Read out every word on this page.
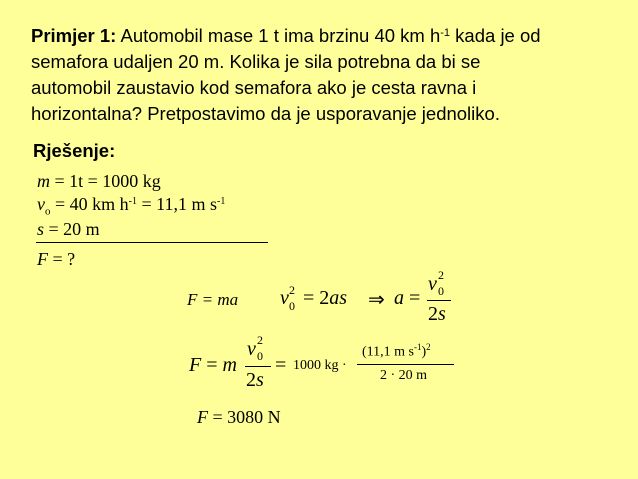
Primjer 1: Automobil mase 1 t ima brzinu 40 km $h^{-1}$ kada je od
semafora udaljen 20 m. Kolika je sila potrebna da bi se
automobil zaustavio kod semafora ako je cesta ravna i
horizontalna? Pretpostavimo da je usporavanje jednoliko.
Rješenje:
m = 1t = 1000 kg
$v_o = 40$ km $h^{-1} = 11,1$ m $s^{-1}$
s = 20 m
F = ?
F = ma v 2
0 = 2as ⇒ a =
v 2
0
2s
F = m
v 2
0
2s
= 1000 kg ·
(11,1 m $s^{-1})^2$
2 · 20 m
F = 3080 N
